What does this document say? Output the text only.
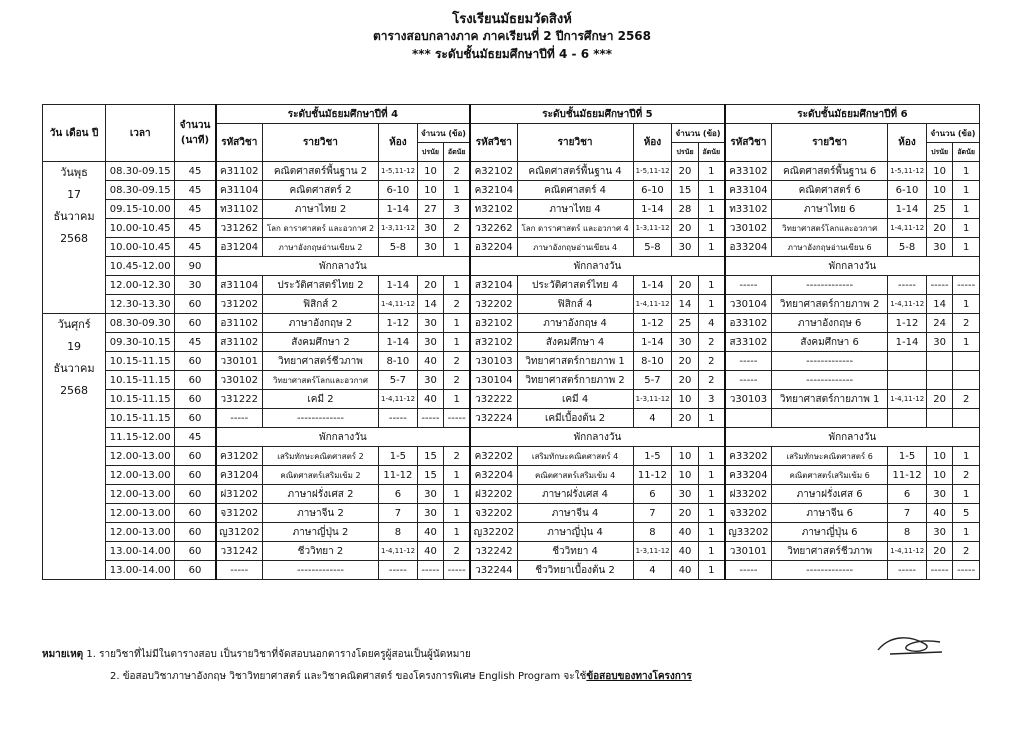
โรงเรียนมัธยมวัดสิงห์
ตารางสอบกลางภาค ภาคเรียนที่ 2 ปีการศึกษา 2568
*** ระดับชั้นมัธยมศึกษาปีที่ 4 - 6 ***
วัน เดือน ปี	เวลา	จำนวน
(นาที)	ระดับชั้นมัธยมศึกษาปีที่ 4					ระดับชั้นมัธยมศึกษาปีที่ 5					ระดับชั้นมัธยมศึกษาปีที่ 6				
			รหัสวิชา	รายวิชา	ห้อง	จำนวน (ข้อ)		รหัสวิชา	รายวิชา	ห้อง	จำนวน (ข้อ)		รหัสวิชา	รายวิชา	ห้อง	จำนวน (ข้อ)	
						ปรนัย	อัตนัย				ปรนัย	อัตนัย				ปรนัย	อัตนัย

วันพุธ
17
ธันวาคม
2568	08.30-09.15	45	ค31102	คณิตศาสตร์พื้นฐาน 2	1-5,11-12	10	2	ค32102	คณิตศาสตร์พื้นฐาน 4	1-5,11-12	20	1	ค33102	คณิตศาสตร์พื้นฐาน 6	1-5,11-12	10	1
	08.30-09.15	45	ค31104	คณิตศาสตร์ 2	6-10	10	1	ค32104	คณิตศาสตร์ 4	6-10	15	1	ค33104	คณิตศาสตร์ 6	6-10	10	1
	09.15-10.00	45	ท31102	ภาษาไทย 2	1-14	27	3	ท32102	ภาษาไทย 4	1-14	28	1	ท33102	ภาษาไทย 6	1-14	25	1
	10.00-10.45	45	ว31262	โลก ดาราศาสตร์ และอวกาศ 2	1-3,11-12	30	2	ว32262	โลก ดาราศาสตร์ และอวกาศ 4	1-3,11-12	20	1	ว30102	วิทยาศาสตร์โลกและอวกาศ	1-4,11-12	20	1
	10.00-10.45	45	อ31204	ภาษาอังกฤษอ่านเขียน 2	5-8	30	1	อ32204	ภาษาอังกฤษอ่านเขียน 4	5-8	30	1	อ33204	ภาษาอังกฤษอ่านเขียน 6	5-8	30	1
	10.45-12.00	90	พักกลางวัน					พักกลางวัน					พักกลางวัน				
	12.00-12.30	30	ส31104	ประวัติศาสตร์ไทย 2	1-14	20	1	ส32104	ประวัติศาสตร์ไทย 4	1-14	20	1	-----	-------------	-----	-----	-----
	12.30-13.30	60	ว31202	ฟิสิกส์ 2	1-4,11-12	14	2	ว32202	ฟิสิกส์ 4	1-4,11-12	14	1	ว30104	วิทยาศาสตร์กายภาพ 2	1-4,11-12	14	1

วันศุกร์
19
ธันวาคม
2568	08.30-09.30	60	อ31102	ภาษาอังกฤษ 2	1-12	30	1	อ32102	ภาษาอังกฤษ 4	1-12	25	4	อ33102	ภาษาอังกฤษ 6	1-12	24	2
	09.30-10.15	45	ส31102	สังคมศึกษา 2	1-14	30	1	ส32102	สังคมศึกษา 4	1-14	30	2	ส33102	สังคมศึกษา 6	1-14	30	1
	10.15-11.15	60	ว30101	วิทยาศาสตร์ชีวภาพ	8-10	40	2	ว30103	วิทยาศาสตร์กายภาพ 1	8-10	20	2	-----	-------------			
	10.15-11.15	60	ว30102	วิทยาศาสตร์โลกและอวกาศ	5-7	30	2	ว30104	วิทยาศาสตร์กายภาพ 2	5-7	20	2	-----	-------------			
	10.15-11.15	60	ว31222	เคมี 2	1-4,11-12	40	1	ว32222	เคมี 4	1-3,11-12	10	3	ว30103	วิทยาศาสตร์กายภาพ 1	1-4,11-12	20	2
	10.15-11.15	60	-----	-------------	-----	-----	-----	ว32224	เคมีเบื้องต้น 2	4	20	1					
	11.15-12.00	45	พักกลางวัน					พักกลางวัน					พักกลางวัน				
	12.00-13.00	60	ค31202	เสริมทักษะคณิตศาสตร์ 2	1-5	15	2	ค32202	เสริมทักษะคณิตศาสตร์ 4	1-5	10	1	ค33202	เสริมทักษะคณิตศาสตร์ 6	1-5	10	1
	12.00-13.00	60	ค31204	คณิตศาสตร์เสริมเข้ม 2	11-12	15	1	ค32204	คณิตศาสตร์เสริมเข้ม 4	11-12	10	1	ค33204	คณิตศาสตร์เสริมเข้ม 6	11-12	10	2
	12.00-13.00	60	ฝ31202	ภาษาฝรั่งเศส 2	6	30	1	ฝ32202	ภาษาฝรั่งเศส 4	6	30	1	ฝ33202	ภาษาฝรั่งเศส 6	6	30	1
	12.00-13.00	60	จ31202	ภาษาจีน 2	7	30	1	จ32202	ภาษาจีน 4	7	20	1	จ33202	ภาษาจีน 6	7	40	5
	12.00-13.00	60	ญ31202	ภาษาญี่ปุ่น 2	8	40	1	ญ32202	ภาษาญี่ปุ่น 4	8	40	1	ญ33202	ภาษาญี่ปุ่น 6	8	30	1
	13.00-14.00	60	ว31242	ชีววิทยา 2	1-4,11-12	40	2	ว32242	ชีววิทยา 4	1-3,11-12	40	1	ว30101	วิทยาศาสตร์ชีวภาพ	1-4,11-12	20	2
	13.00-14.00	60	-----	-------------	-----	-----	-----	ว32244	ชีววิทยาเบื้องต้น 2	4	40	1	-----	-------------	-----	-----	-----
หมายเหตุ 1. รายวิชาที่ไม่มีในตารางสอบ เป็นรายวิชาที่จัดสอบนอกตารางโดยครูผู้สอนเป็นผู้นัดหมาย
2. ข้อสอบวิชาภาษาอังกฤษ วิชาวิทยาศาสตร์ และวิชาคณิตศาสตร์ ของโครงการพิเศษ English Program จะใช้ข้อสอบของทางโครงการ
